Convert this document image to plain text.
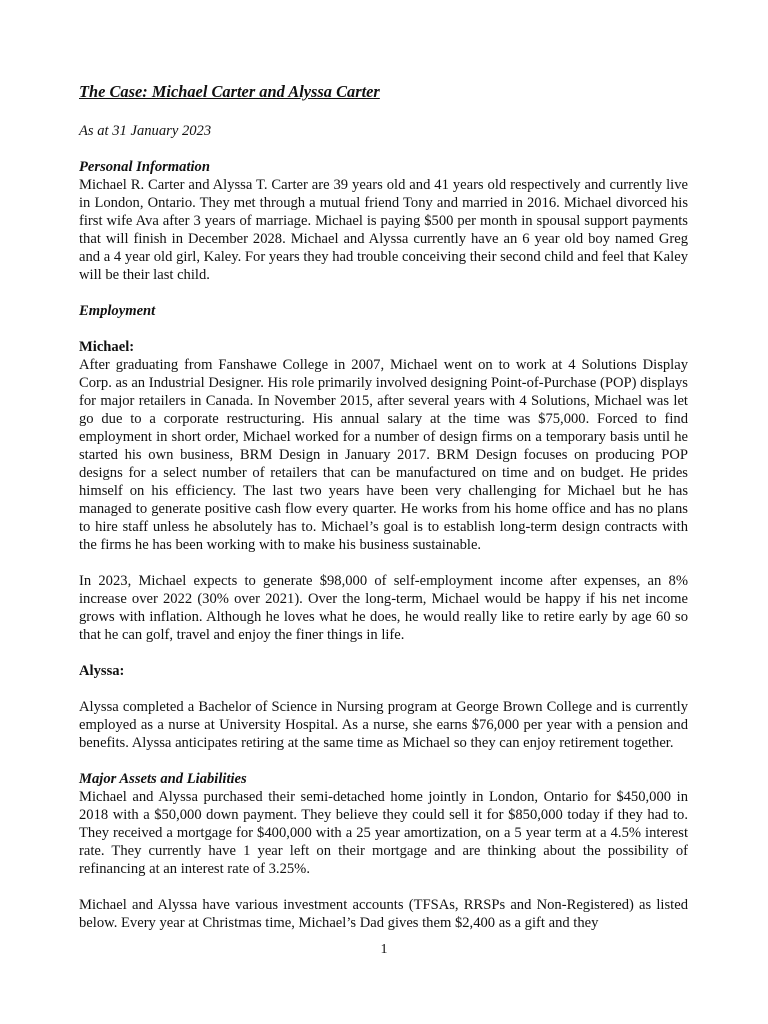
The Case: Michael Carter and Alyssa Carter

As at 31 January 2023

Personal Information

Michael R. Carter and Alyssa T. Carter are 39 years old and 41 years old respectively and currently live in London, Ontario. They met through a mutual friend Tony and married in 2016. Michael divorced his first wife Ava after 3 years of marriage. Michael is paying $500 per month in spousal support payments that will finish in December 2028. Michael and Alyssa currently have an 6 year old boy named Greg and a 4 year old girl, Kaley. For years they had trouble conceiving their second child and feel that Kaley will be their last child.

Employment

Michael:

After graduating from Fanshawe College in 2007, Michael went on to work at 4 Solutions Display Corp. as an Industrial Designer. His role primarily involved designing Point-of-Purchase (POP) displays for major retailers in Canada. In November 2015, after several years with 4 Solutions, Michael was let go due to a corporate restructuring. His annual salary at the time was $75,000. Forced to find employment in short order, Michael worked for a number of design firms on a temporary basis until he started his own business, BRM Design in January 2017. BRM Design focuses on producing POP designs for a select number of retailers that can be manufactured on time and on budget. He prides himself on his efficiency. The last two years have been very challenging for Michael but he has managed to generate positive cash flow every quarter. He works from his home office and has no plans to hire staff unless he absolutely has to. Michael’s goal is to establish long-term design contracts with the firms he has been working with to make his business sustainable.

In 2023, Michael expects to generate $98,000 of self-employment income after expenses, an 8% increase over 2022 (30% over 2021). Over the long-term, Michael would be happy if his net income grows with inflation. Although he loves what he does, he would really like to retire early by age 60 so that he can golf, travel and enjoy the finer things in life.

Alyssa:

Alyssa completed a Bachelor of Science in Nursing program at George Brown College and is currently employed as a nurse at University Hospital. As a nurse, she earns $76,000 per year with a pension and benefits. Alyssa anticipates retiring at the same time as Michael so they can enjoy retirement together.

Major Assets and Liabilities

Michael and Alyssa purchased their semi-detached home jointly in London, Ontario for $450,000 in 2018 with a $50,000 down payment. They believe they could sell it for $850,000 today if they had to. They received a mortgage for $400,000 with a 25 year amortization, on a 5 year term at a 4.5% interest rate. They currently have 1 year left on their mortgage and are thinking about the possibility of refinancing at an interest rate of 3.25%.

Michael and Alyssa have various investment accounts (TFSAs, RRSPs and Non-Registered) as listed below. Every year at Christmas time, Michael’s Dad gives them $2,400 as a gift and they

1
